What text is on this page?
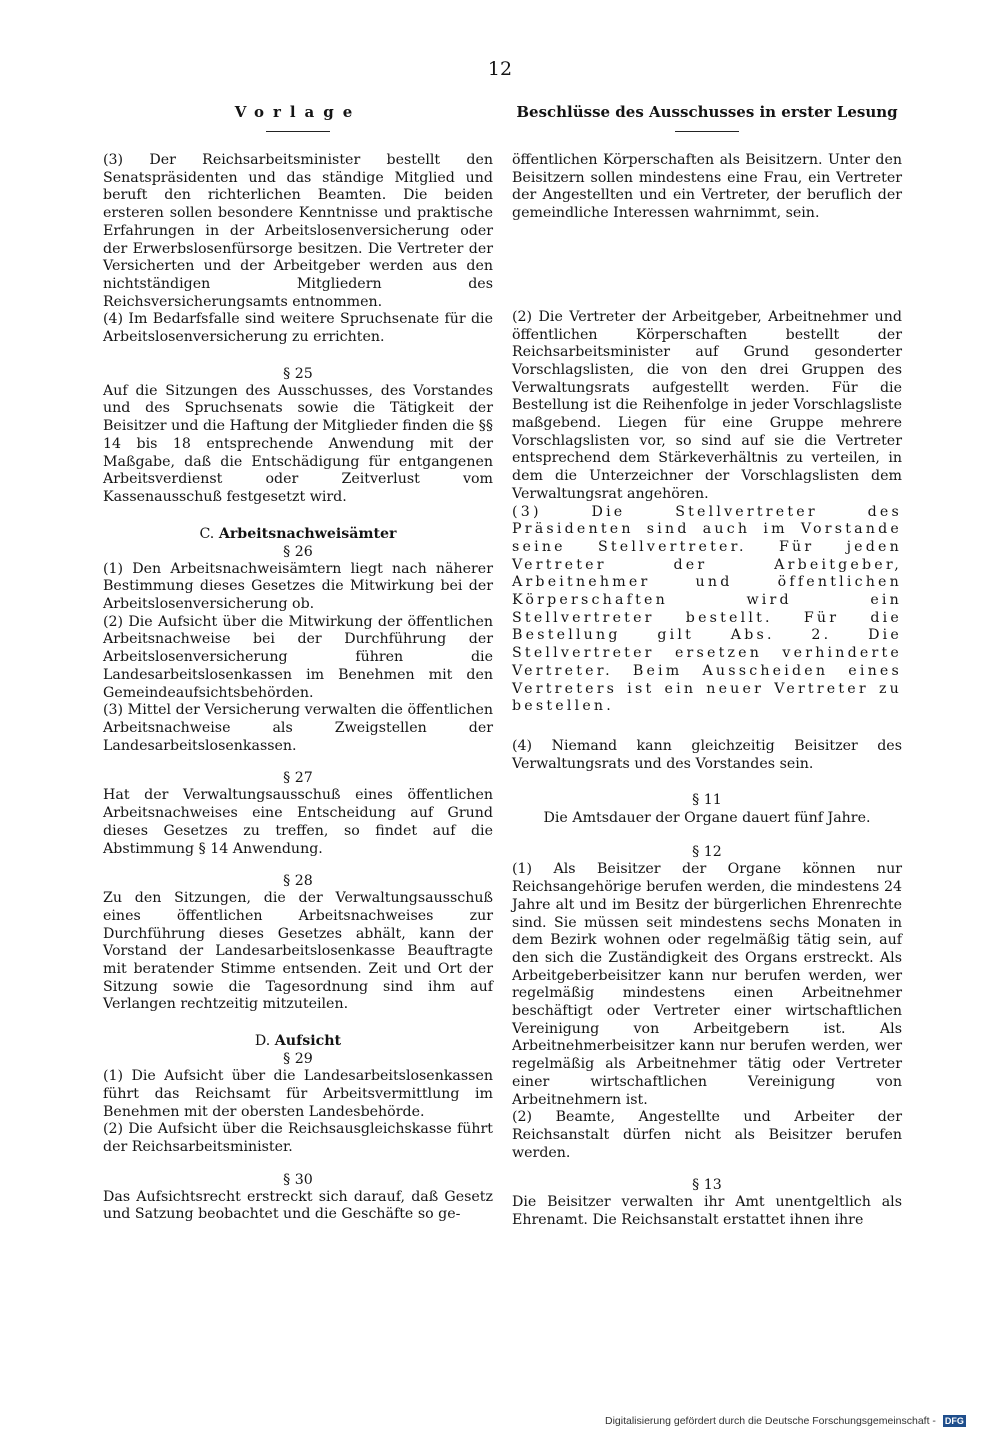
12
Vorlage

(3) Der Reichsarbeitsminister bestellt den Senatspräsidenten und das ständige Mitglied und beruft den richterlichen Beamten. Die beiden ersteren sollen besondere Kenntnisse und praktische Erfahrungen in der Arbeitslosenversicherung oder der Erwerbslosenfürsorge besitzen. Die Vertreter der Versicherten und der Arbeitgeber werden aus den nichtständigen Mitgliedern des Reichsversicherungsamts entnommen.

(4) Im Bedarfsfalle sind weitere Spruchsenate für die Arbeitslosenversicherung zu errichten.

§ 25

Auf die Sitzungen des Ausschusses, des Vorstandes und des Spruchsenats sowie die Tätigkeit der Beisitzer und die Haftung der Mitglieder finden die §§ 14 bis 18 entsprechende Anwendung mit der Maßgabe, daß die Entschädigung für entgangenen Arbeitsverdienst oder Zeitverlust vom Kassenausschuß festgesetzt wird.

C. Arbeitsnachweisämter

§ 26

(1) Den Arbeitsnachweisämtern liegt nach näherer Bestimmung dieses Gesetzes die Mitwirkung bei der Arbeitslosenversicherung ob.

(2) Die Aufsicht über die Mitwirkung der öffentlichen Arbeitsnachweise bei der Durchführung der Arbeitslosenversicherung führen die Landesarbeitslosenkassen im Benehmen mit den Gemeindeaufsichtsbehörden.

(3) Mittel der Versicherung verwalten die öffentlichen Arbeitsnachweise als Zweigstellen der Landesarbeitslosenkassen.

§ 27

Hat der Verwaltungsausschuß eines öffentlichen Arbeitsnachweises eine Entscheidung auf Grund dieses Gesetzes zu treffen, so findet auf die Abstimmung § 14 Anwendung.

§ 28

Zu den Sitzungen, die der Verwaltungsausschuß eines öffentlichen Arbeitsnachweises zur Durchführung dieses Gesetzes abhält, kann der Vorstand der Landesarbeitslosenkasse Beauftragte mit beratender Stimme entsenden. Zeit und Ort der Sitzung sowie die Tagesordnung sind ihm auf Verlangen rechtzeitig mitzuteilen.

D. Aufsicht

§ 29

(1) Die Aufsicht über die Landesarbeitslosenkassen führt das Reichsamt für Arbeitsvermittlung im Benehmen mit der obersten Landesbehörde.

(2) Die Aufsicht über die Reichsausgleichskasse führt der Reichsarbeitsminister.

§ 30

Das Aufsichtsrecht erstreckt sich darauf, daß Gesetz und Satzung beobachtet und die Geschäfte so ge-

Beschlüsse des Ausschusses in erster Lesung

öffentlichen Körperschaften als Beisitzern. Unter den Beisitzern sollen mindestens eine Frau, ein Vertreter der Angestellten und ein Vertreter, der beruflich der gemeindliche Interessen wahrnimmt, sein.

(2) Die Vertreter der Arbeitgeber, Arbeitnehmer und öffentlichen Körperschaften bestellt der Reichsarbeitsminister auf Grund gesonderter Vorschlagslisten, die von den drei Gruppen des Verwaltungsrats aufgestellt werden. Für die Bestellung ist die Reihenfolge in jeder Vorschlagsliste maßgebend. Liegen für eine Gruppe mehrere Vorschlagslisten vor, so sind auf sie die Vertreter entsprechend dem Stärkeverhältnis zu verteilen, in dem die Unterzeichner der Vorschlagslisten dem Verwaltungsrat angehören.

(3) Die Stellvertreter des Präsidenten sind auch im Vorstande seine Stellvertreter. Für jeden Vertreter der Arbeitgeber, Arbeitnehmer und öffentlichen Körperschaften wird ein Stellvertreter bestellt. Für die Bestellung gilt Abs. 2. Die Stellvertreter ersetzen verhinderte Vertreter. Beim Ausscheiden eines Vertreters ist ein neuer Vertreter zu bestellen.

(4) Niemand kann gleichzeitig Beisitzer des Verwaltungsrats und des Vorstandes sein.

§ 11

Die Amtsdauer der Organe dauert fünf Jahre.

§ 12

(1) Als Beisitzer der Organe können nur Reichsangehörige berufen werden, die mindestens 24 Jahre alt und im Besitz der bürgerlichen Ehrenrechte sind. Sie müssen seit mindestens sechs Monaten in dem Bezirk wohnen oder regelmäßig tätig sein, auf den sich die Zuständigkeit des Organs erstreckt. Als Arbeitgeberbeisitzer kann nur berufen werden, wer regelmäßig mindestens einen Arbeitnehmer beschäftigt oder Vertreter einer wirtschaftlichen Vereinigung von Arbeitgebern ist. Als Arbeitnehmerbeisitzer kann nur berufen werden, wer regelmäßig als Arbeitnehmer tätig oder Vertreter einer wirtschaftlichen Vereinigung von Arbeitnehmern ist.

(2) Beamte, Angestellte und Arbeiter der Reichsanstalt dürfen nicht als Beisitzer berufen werden.

§ 13

Die Beisitzer verwalten ihr Amt unentgeltlich als Ehrenamt. Die Reichsanstalt erstattet ihnen ihre

Digitalisierung gefördert durch die Deutsche Forschungsgemeinschaft - DFG
